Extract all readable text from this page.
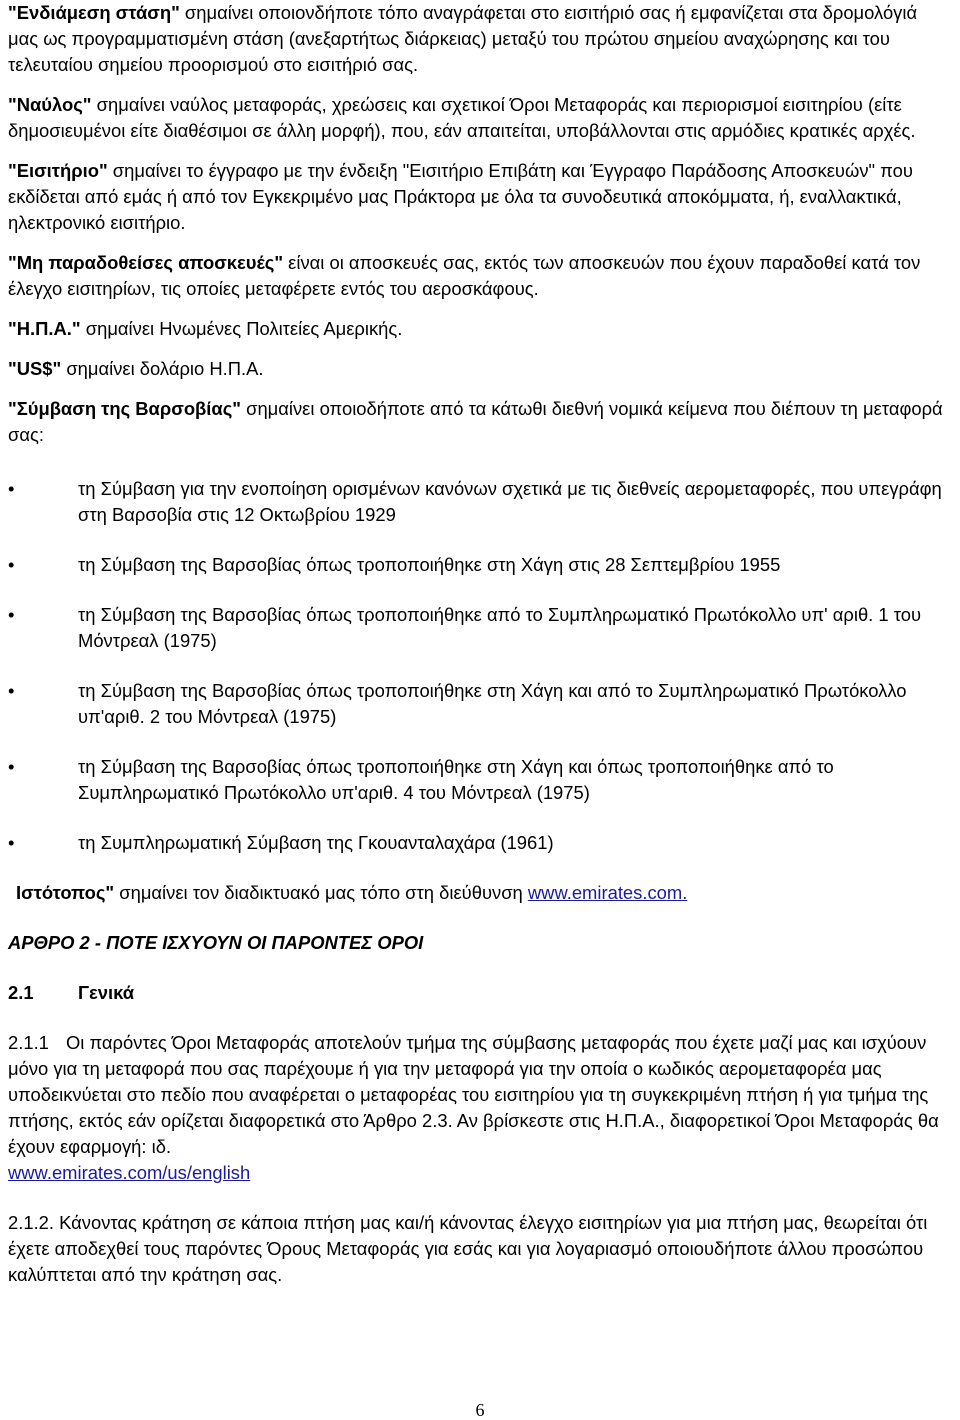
"Ενδιάμεση στάση" σημαίνει οποιονδήποτε τόπο αναγράφεται στο εισιτήριό σας ή εμφανίζεται στα δρομολόγιά μας ως προγραμματισμένη στάση (ανεξαρτήτως διάρκειας) μεταξύ του πρώτου σημείου αναχώρησης και του τελευταίου σημείου προορισμού στο εισιτήριό σας.

"Ναύλος" σημαίνει ναύλος μεταφοράς, χρεώσεις και σχετικοί Όροι Μεταφοράς και περιορισμοί εισιτηρίου (είτε δημοσιευμένοι είτε διαθέσιμοι σε άλλη μορφή), που, εάν απαιτείται, υποβάλλονται στις αρμόδιες κρατικές αρχές.

"Εισιτήριο" σημαίνει το έγγραφο με την ένδειξη "Εισιτήριο Επιβάτη και Έγγραφο Παράδοσης Αποσκευών" που εκδίδεται από εμάς ή από τον Εγκεκριμένο μας Πράκτορα με όλα τα συνοδευτικά αποκόμματα, ή, εναλλακτικά, ηλεκτρονικό εισιτήριο.

"Μη παραδοθείσες αποσκευές" είναι οι αποσκευές σας, εκτός των αποσκευών που έχουν παραδοθεί κατά τον έλεγχο εισιτηρίων, τις οποίες μεταφέρετε εντός του αεροσκάφους.

"Η.Π.Α." σημαίνει Ηνωμένες Πολιτείες Αμερικής.

"US$" σημαίνει δολάριο Η.Π.Α.

"Σύμβαση της Βαρσοβίας" σημαίνει οποιοδήποτε από τα κάτωθι διεθνή νομικά κείμενα που διέπουν τη μεταφορά σας:

•	τη Σύμβαση για την ενοποίηση ορισμένων κανόνων σχετικά με τις διεθνείς αερομεταφορές, που υπεγράφη στη Βαρσοβία στις 12 Οκτωβρίου 1929

•	τη Σύμβαση της Βαρσοβίας όπως τροποποιήθηκε στη Χάγη στις 28 Σεπτεμβρίου 1955

•	τη Σύμβαση της Βαρσοβίας όπως τροποποιήθηκε από το Συμπληρωματικό Πρωτόκολλο υπ' αριθ. 1 του Μόντρεαλ (1975)

•	τη Σύμβαση της Βαρσοβίας όπως τροποποιήθηκε στη Χάγη και από το Συμπληρωματικό Πρωτόκολλο υπ'αριθ. 2 του Μόντρεαλ (1975)

•	τη Σύμβαση της Βαρσοβίας όπως τροποποιήθηκε στη Χάγη και όπως τροποποιήθηκε από το Συμπληρωματικό Πρωτόκολλο υπ'αριθ. 4 του Μόντρεαλ (1975)

•	τη Συμπληρωματική Σύμβαση της Γκουανταλαχάρα (1961)

Ιστότοπος" σημαίνει τον διαδικτυακό μας τόπο στη διεύθυνση www.emirates.com.

ΑΡΘΡΟ 2 - ΠΟΤΕ ΙΣΧΥΟΥΝ ΟΙ ΠΑΡΟΝΤΕΣ ΟΡΟΙ

2.1 Γενικά

2.1.1 Οι παρόντες Όροι Μεταφοράς αποτελούν τμήμα της σύμβασης μεταφοράς που έχετε μαζί μας και ισχύουν μόνο για τη μεταφορά που σας παρέχουμε ή για την μεταφορά για την οποία ο κωδικός αερομεταφορέα μας υποδεικνύεται στο πεδίο που αναφέρεται ο μεταφορέας του εισιτηρίου για τη συγκεκριμένη πτήση ή για τμήμα της πτήσης, εκτός εάν ορίζεται διαφορετικά στο Άρθρο 2.3. Αν βρίσκεστε στις Η.Π.Α., διαφορετικοί Όροι Μεταφοράς θα έχουν εφαρμογή: ιδ.
www.emirates.com/us/english

2.1.2. Κάνοντας κράτηση σε κάποια πτήση μας και/ή κάνοντας έλεγχο εισιτηρίων για μια πτήση μας, θεωρείται ότι έχετε αποδεχθεί τους παρόντες Όρους Μεταφοράς για εσάς και για λογαριασμό οποιουδήποτε άλλου προσώπου καλύπτεται από την κράτηση σας.

6
